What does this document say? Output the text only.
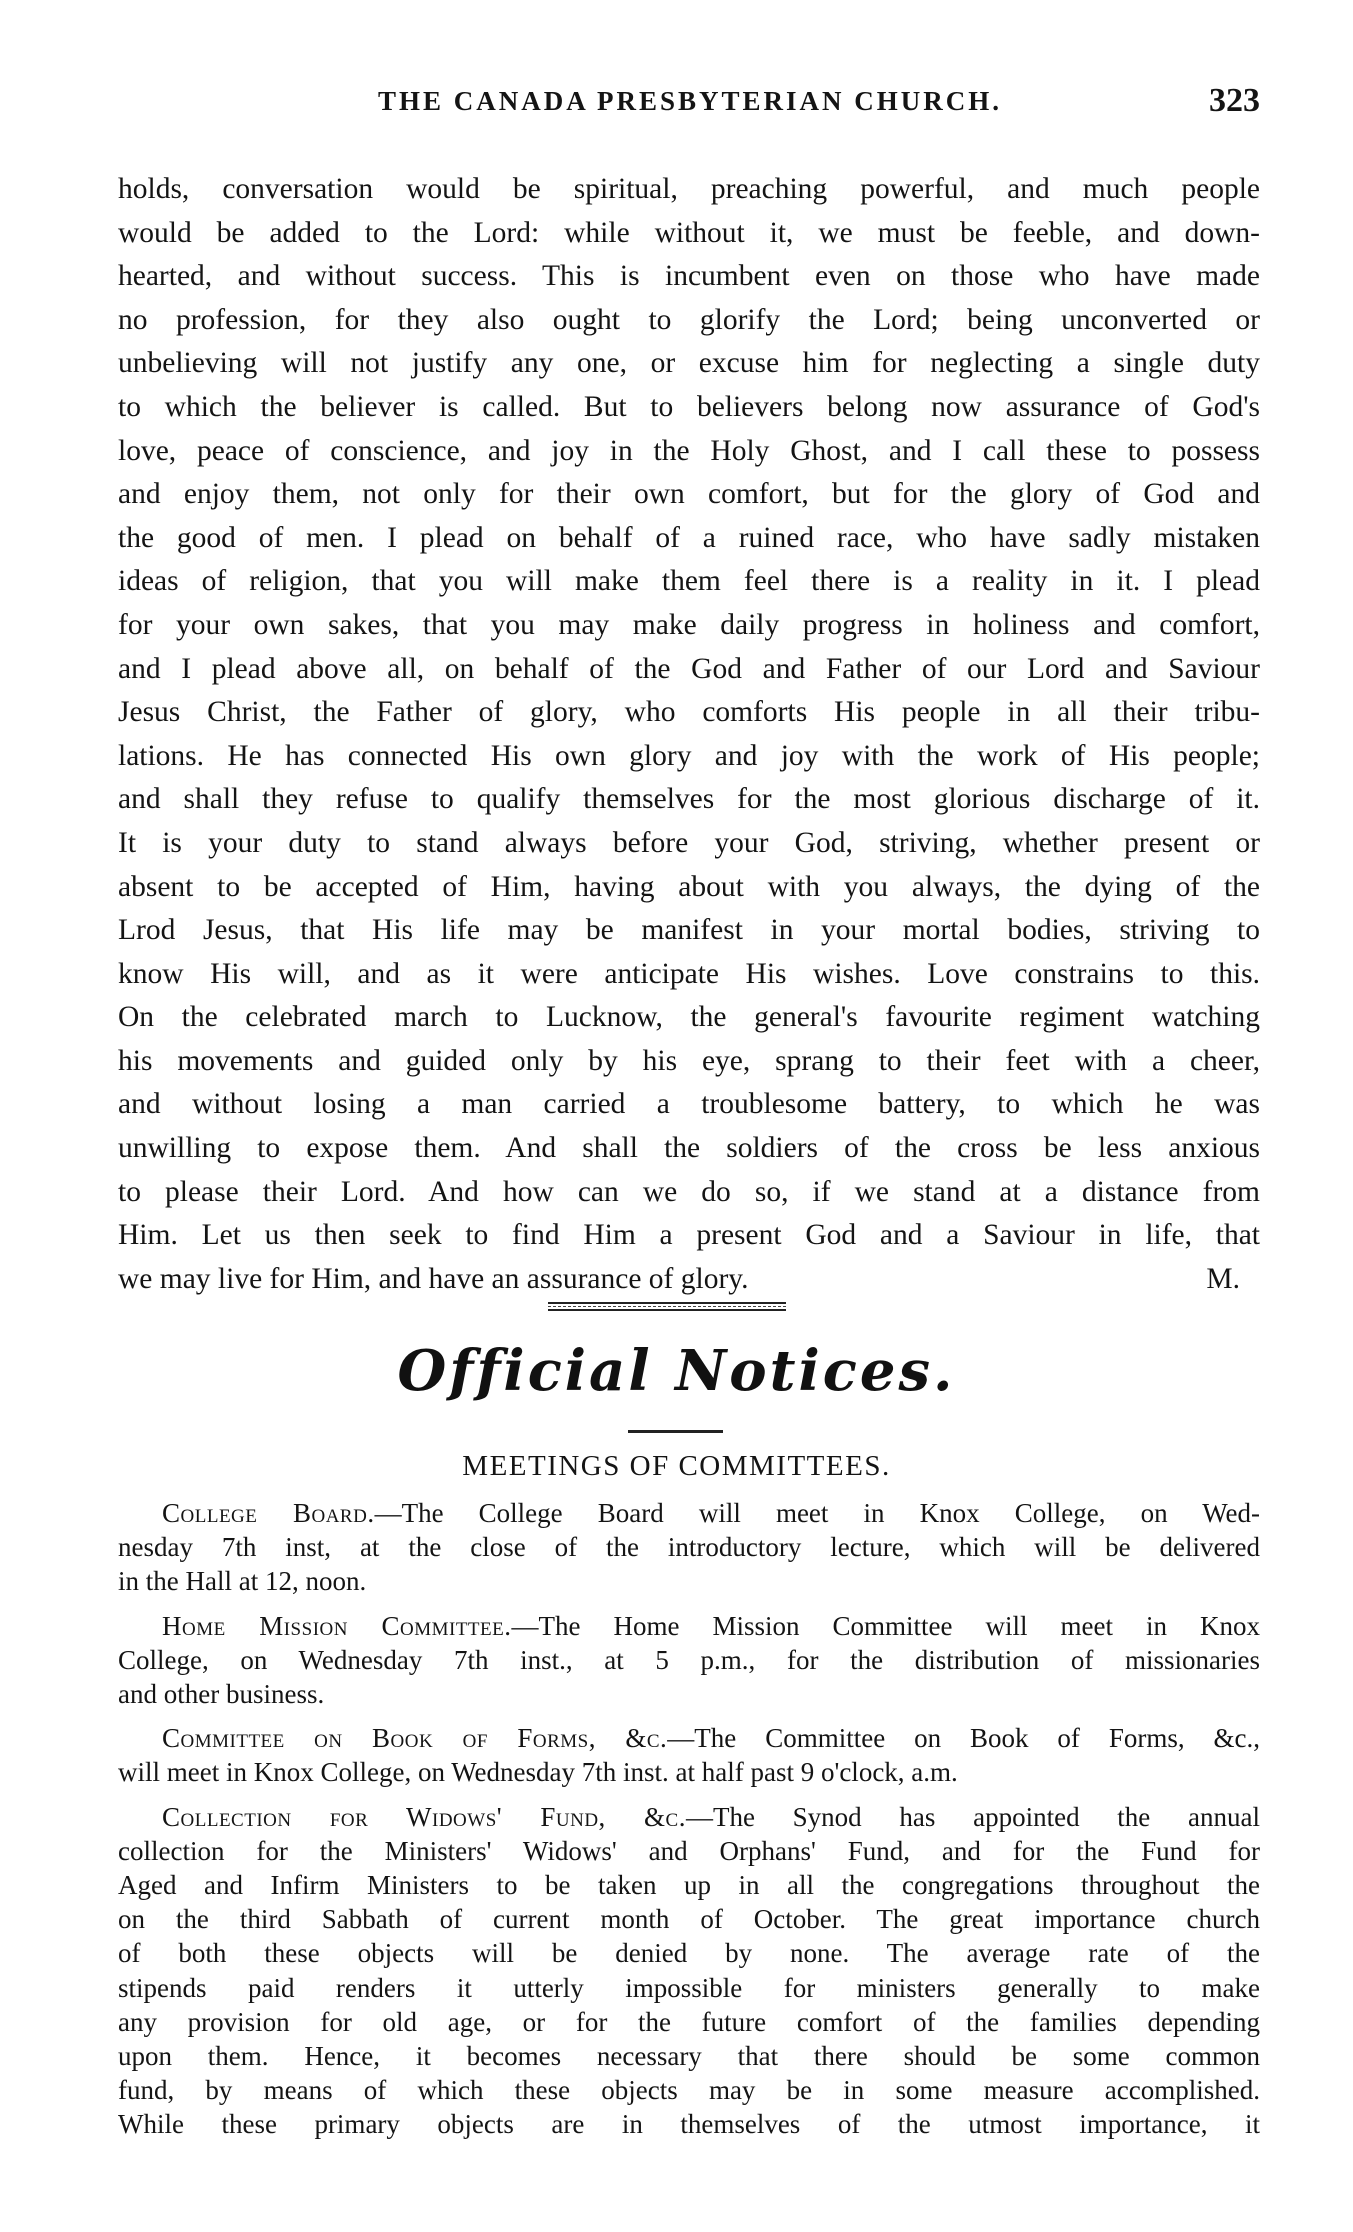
THE CANADA PRESBYTERIAN CHURCH.	323
holds, conversation would be spiritual, preaching powerful, and much people
would be added to the Lord: while without it, we must be feeble, and down-
hearted, and without success. This is incumbent even on those who have made
no profession, for they also ought to glorify the Lord; being unconverted or
unbelieving will not justify any one, or excuse him for neglecting a single duty
to which the believer is called. But to believers belong now assurance of God's
love, peace of conscience, and joy in the Holy Ghost, and I call these to possess
and enjoy them, not only for their own comfort, but for the glory of God and
the good of men. I plead on behalf of a ruined race, who have sadly mistaken
ideas of religion, that you will make them feel there is a reality in it. I plead
for your own sakes, that you may make daily progress in holiness and comfort,
and I plead above all, on behalf of the God and Father of our Lord and Saviour
Jesus Christ, the Father of glory, who comforts His people in all their tribu-
lations. He has connected His own glory and joy with the work of His people;
and shall they refuse to qualify themselves for the most glorious discharge of it.
It is your duty to stand always before your God, striving, whether present or
absent to be accepted of Him, having about with you always, the dying of the
Lrod Jesus, that His life may be manifest in your mortal bodies, striving to
know His will, and as it were anticipate His wishes. Love constrains to this.
On the celebrated march to Lucknow, the general's favourite regiment watching
his movements and guided only by his eye, sprang to their feet with a cheer,
and without losing a man carried a troublesome battery, to which he was
unwilling to expose them. And shall the soldiers of the cross be less anxious
to please their Lord. And how can we do so, if we stand at a distance from
Him. Let us then seek to find Him a present God and a Saviour in life, that
we may live for Him, and have an assurance of glory.	M.
Official Notices.
MEETINGS OF COMMITTEES.
College Board.—The College Board will meet in Knox College, on Wed-
nesday 7th inst, at the close of the introductory lecture, which will be delivered
in the Hall at 12, noon.
Home Mission Committee.—The Home Mission Committee will meet in Knox
College, on Wednesday 7th inst., at 5 p.m., for the distribution of missionaries
and other business.
Committee on Book of Forms, &c.—The Committee on Book of Forms, &c.,
will meet in Knox College, on Wednesday 7th inst. at half past 9 o'clock, a.m.
Collection for Widows' Fund, &c.—The Synod has appointed the annual
collection for the Ministers' Widows' and Orphans' Fund, and for the Fund for
Aged and Infirm Ministers to be taken up in all the congregations throughout the
on the third Sabbath of current month of October. The great importance church
of both these objects will be denied by none. The average rate of the
stipends paid renders it utterly impossible for ministers generally to make
any provision for old age, or for the future comfort of the families depending
upon them. Hence, it becomes necessary that there should be some common
fund, by means of which these objects may be in some measure accomplished.
While these primary objects are in themselves of the utmost importance, it
